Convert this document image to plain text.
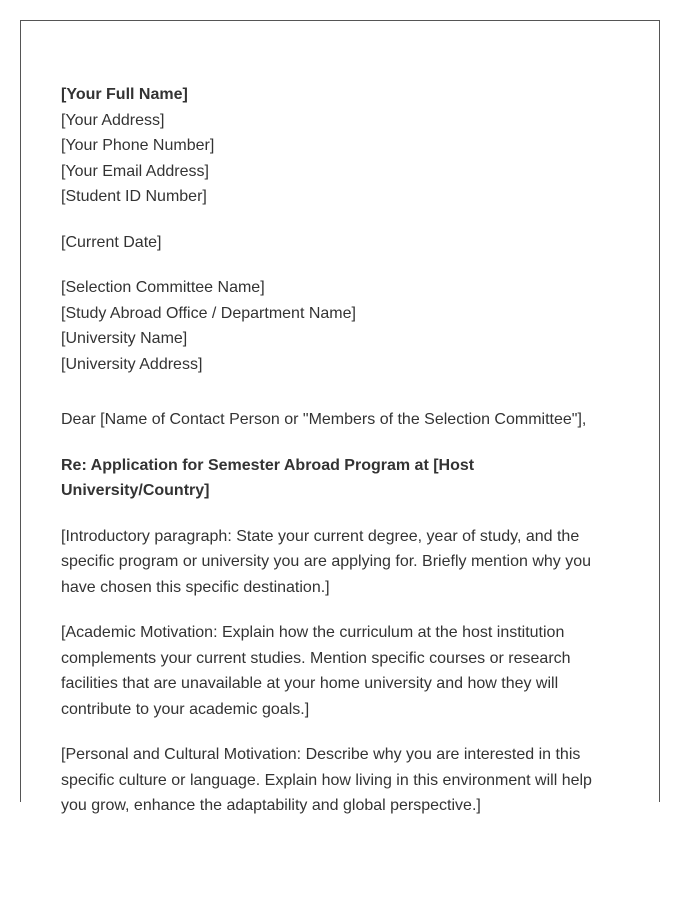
[Your Full Name]
[Your Address]
[Your Phone Number]
[Your Email Address]
[Student ID Number]
[Current Date]
[Selection Committee Name]
[Study Abroad Office / Department Name]
[University Name]
[University Address]
Dear [Name of Contact Person or "Members of the Selection Committee"],

Re: Application for Semester Abroad Program at [Host University/Country]

[Introductory paragraph: State your current degree, year of study, and the specific program or university you are applying for. Briefly mention why you have chosen this specific destination.]

[Academic Motivation: Explain how the curriculum at the host institution complements your current studies. Mention specific courses or research facilities that are unavailable at your home university and how they will contribute to your academic goals.]

[Personal and Cultural Motivation: Describe why you are interested in this specific culture or language. Explain how living in this environment will help you grow, enhance the adaptability and global perspective.]
